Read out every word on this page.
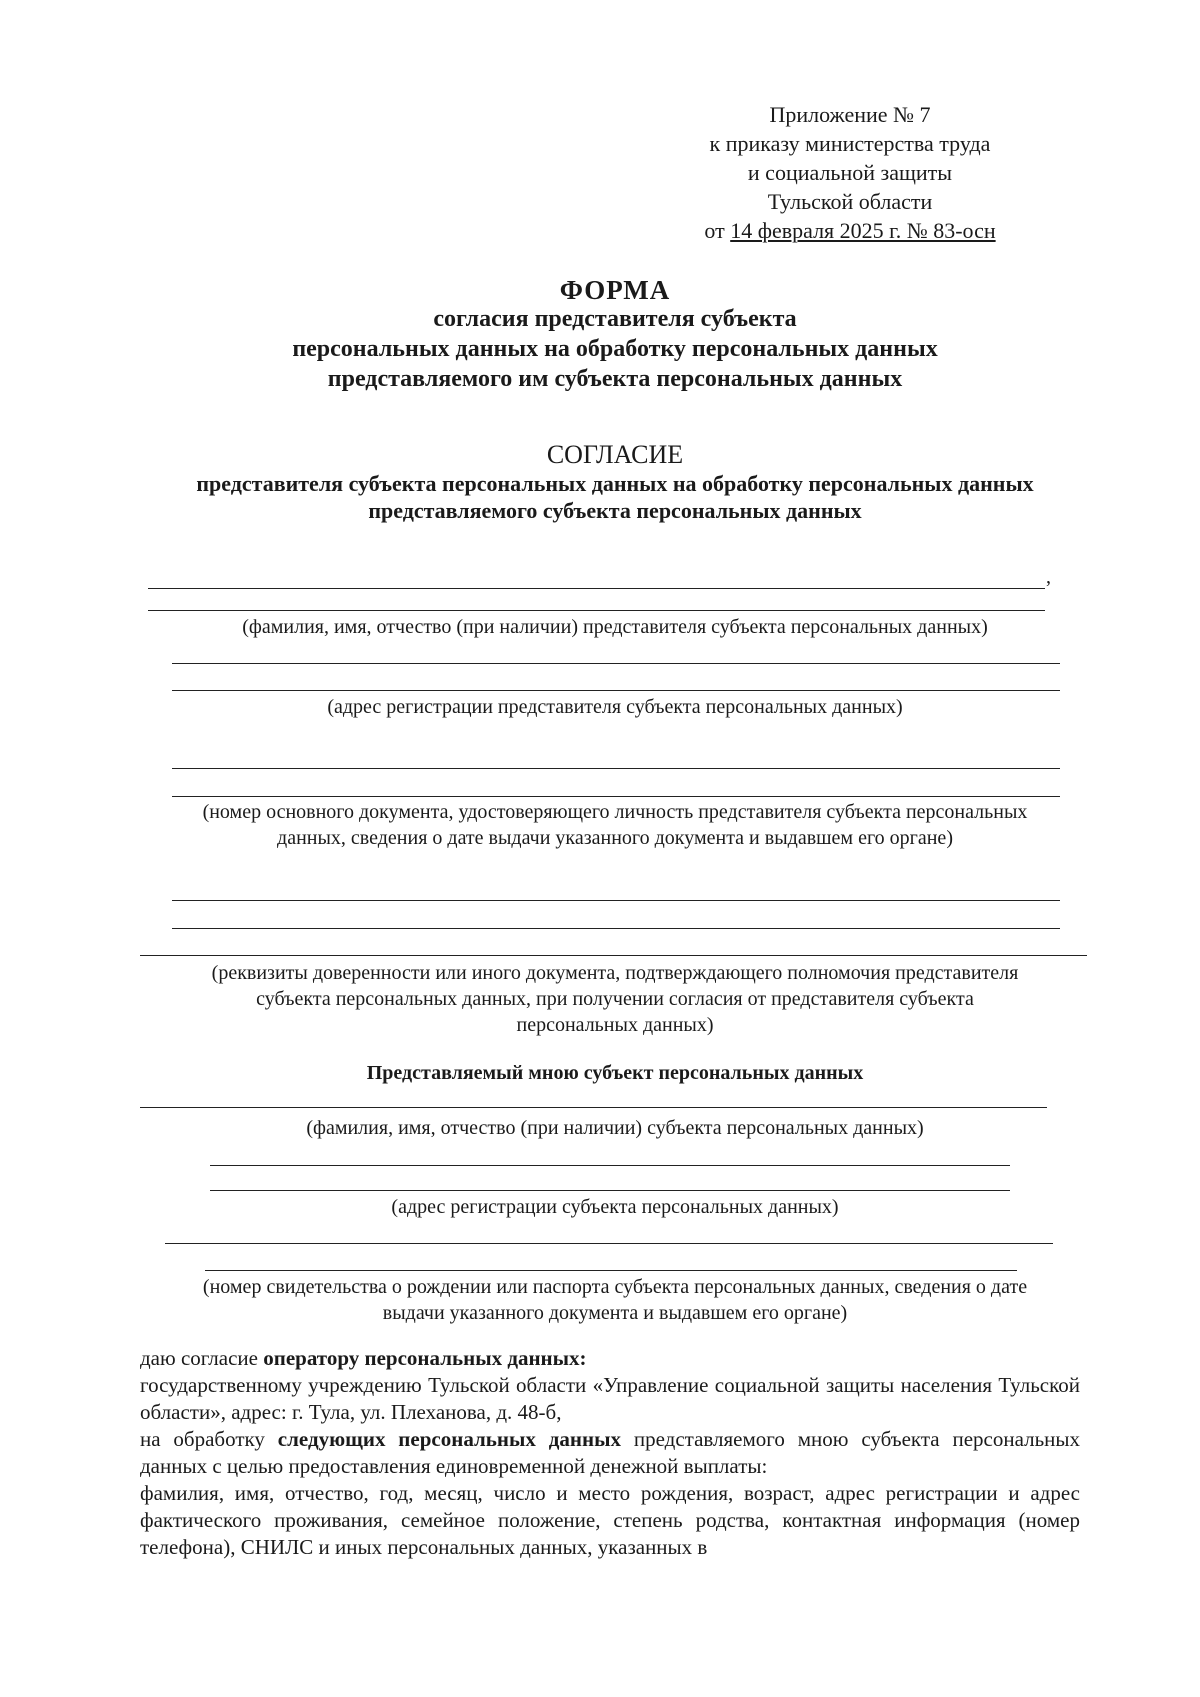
Приложение № 7
к приказу министерства труда
и социальной защиты
Тульской области
от 14 февраля 2025 г. № 83-осн
ФОРМА
согласия представителя субъекта
персональных данных на обработку персональных данных
представляемого им субъекта персональных данных
СОГЛАСИЕ
представителя субъекта персональных данных на обработку персональных данных
представляемого субъекта персональных данных
,
(фамилия, имя, отчество (при наличии) представителя субъекта персональных данных)
(адрес регистрации представителя субъекта персональных данных)
(номер основного документа, удостоверяющего личность представителя субъекта персональных
данных, сведения о дате выдачи указанного документа и выдавшем его органе)
(реквизиты доверенности или иного документа, подтверждающего полномочия представителя
субъекта персональных данных, при получении согласия от представителя субъекта
персональных данных)
Представляемый мною субъект персональных данных
(фамилия, имя, отчество (при наличии) субъекта персональных данных)
(адрес регистрации субъекта персональных данных)
(номер свидетельства о рождении или паспорта субъекта персональных данных, сведения о дате
выдачи указанного документа и выдавшем его органе)

даю согласие оператору персональных данных:

государственному учреждению Тульской области «Управление социальной защиты населения Тульской области», адрес: г. Тула, ул. Плеханова, д. 48-б,

на обработку следующих персональных данных представляемого мною субъекта персональных данных с целью предоставления единовременной денежной выплаты:

фамилия, имя, отчество, год, месяц, число и место рождения, возраст, адрес регистрации и адрес фактического проживания, семейное положение, степень родства, контактная информация (номер телефона), СНИЛС и иных персональных данных, указанных в
